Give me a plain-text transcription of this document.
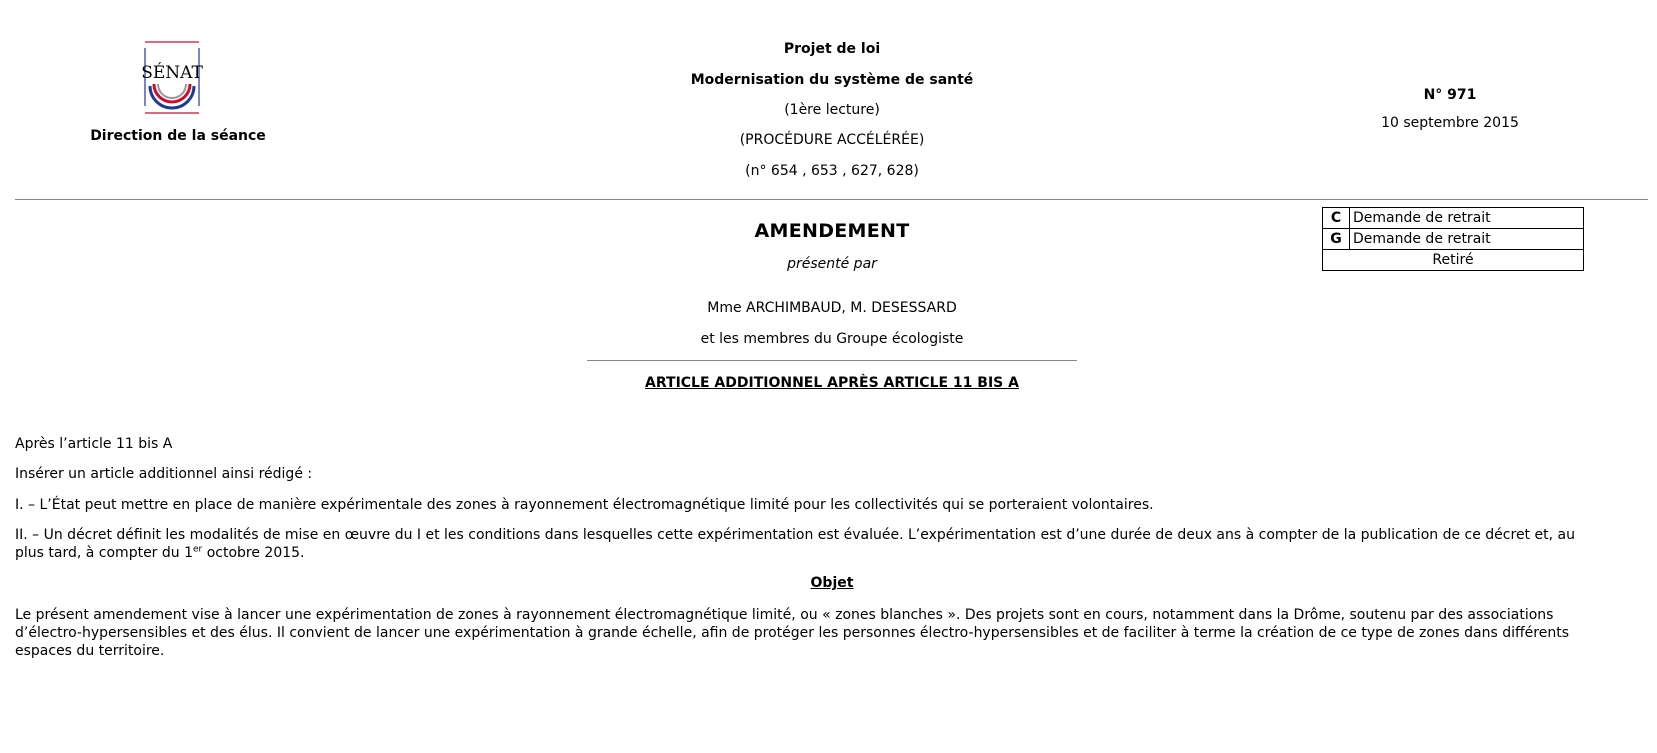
SÉNAT
Direction de la séance
Projet de loi
Modernisation du système de santé
(1ère lecture)
(PROCÉDURE ACCÉLÉRÉE)
(n° 654 , 653 , 627, 628)
N° 971
10 septembre 2015
C	Demande de retrait
G	Demande de retrait
Retiré	
AMENDEMENT
présenté par
Mme ARCHIMBAUD, M. DESESSARD
et les membres du Groupe écologiste
ARTICLE ADDITIONNEL APRÈS ARTICLE 11 BIS A
Après l’article 11 bis A
Insérer un article additionnel ainsi rédigé :
I. – L’État peut mettre en place de manière expérimentale des zones à rayonnement électromagnétique limité pour les collectivités qui se porteraient volontaires.
II. – Un décret définit les modalités de mise en œuvre du I et les conditions dans lesquelles cette expérimentation est évaluée. L’expérimentation est d’une durée de deux ans à compter de la publication de ce décret et, au plus tard, à compter du 1er octobre 2015.
Objet
Le présent amendement vise à lancer une expérimentation de zones à rayonnement électromagnétique limité, ou « zones blanches ». Des projets sont en cours, notamment dans la Drôme, soutenu par des associations d’électro-hypersensibles et des élus. Il convient de lancer une expérimentation à grande échelle, afin de protéger les personnes électro-hypersensibles et de faciliter à terme la création de ce type de zones dans différents espaces du territoire.
